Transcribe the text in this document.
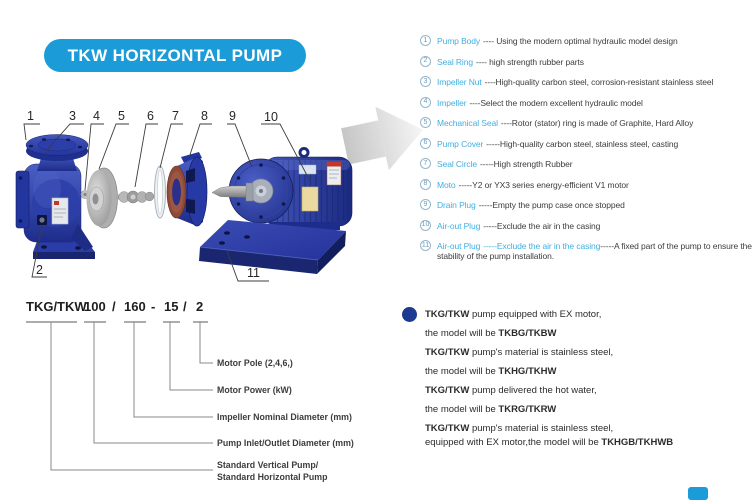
TKW HORIZONTAL PUMP
1	3 4 5 6 7 8 9 10
2	11
1	Pump Body ---- Using the modern optimal hydraulic model design
2	Seal Ring ---- high strength rubber parts
3	Impeller Nut ----High-quality carbon steel, corrosion-resistant stainless steel
4	Impeller ----Select the modern excellent hydraulic model
5	Mechanical Seal ----Rotor (stator) ring is made of Graphite, Hard Alloy
6	Pump Cover -----High-quality carbon steel, stainless steel, casting
7	Seal Circle -----High strength Rubber
8	Moto -----Y2 or YX3 series energy-efficient V1 motor
9	Drain Plug -----Empty the pump case once stopped
10 Air-out Plug -----Exclude the air in the casing
11 Air-out Plug -----Exclude the air in the casing-----A fixed part of the pump to ensure the stability of the pump installation.
TKG/TKW
100 / 160 - 15 / 2
Motor Pole (2,4,6,)
Motor Power (kW)
Impeller Nominal Diameter (mm)
Pump Inlet/Outlet Diameter (mm)
Standard Vertical Pump/
Standard Horizontal Pump
TKG/TKW pump equipped with EX motor,
the model will be TKBG/TKBW
TKG/TKW pump's material is stainless steel,
the model will be TKHG/TKHW
TKG/TKW pump delivered the hot water,
the model will be TKRG/TKRW
TKG/TKW pump's material is stainless steel,
equipped with EX motor,the model will be TKHGB/TKHWB
